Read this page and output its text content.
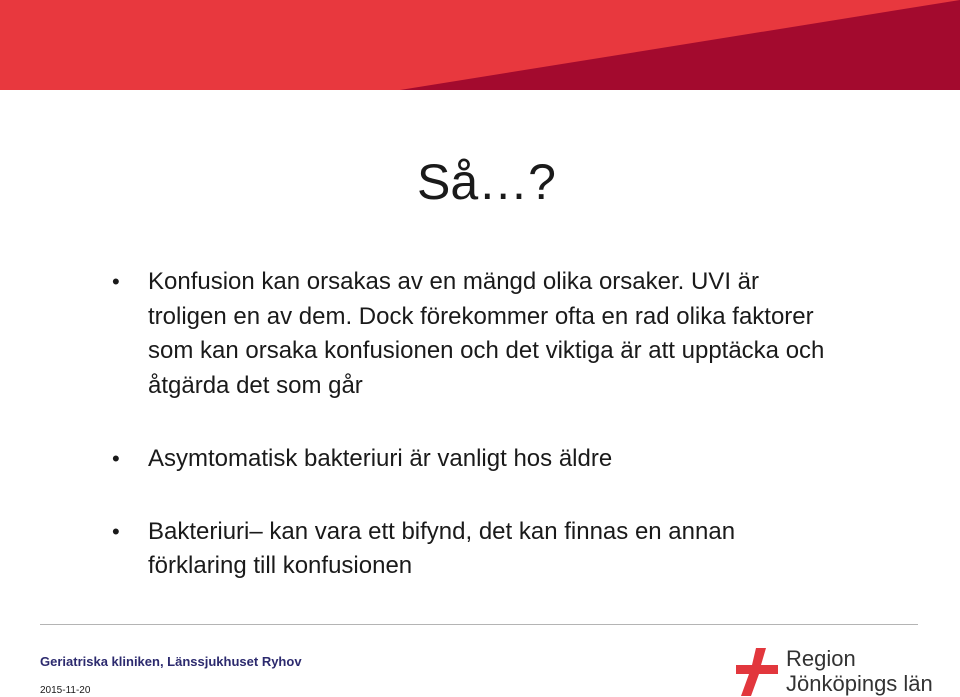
Så…?
• Konfusion kan orsakas av en mängd olika orsaker. UVI är troligen en av dem. Dock förekommer ofta en rad olika faktorer som kan orsaka konfusionen och det viktiga är att upptäcka och åtgärda det som går
• Asymtomatisk bakteriuri är vanligt hos äldre
• Bakteriuri– kan vara ett bifynd, det kan finnas en annan förklaring till konfusionen
Geriatriska kliniken, Länssjukhuset Ryhov
2015-11-20
Region
Jönköpings län
